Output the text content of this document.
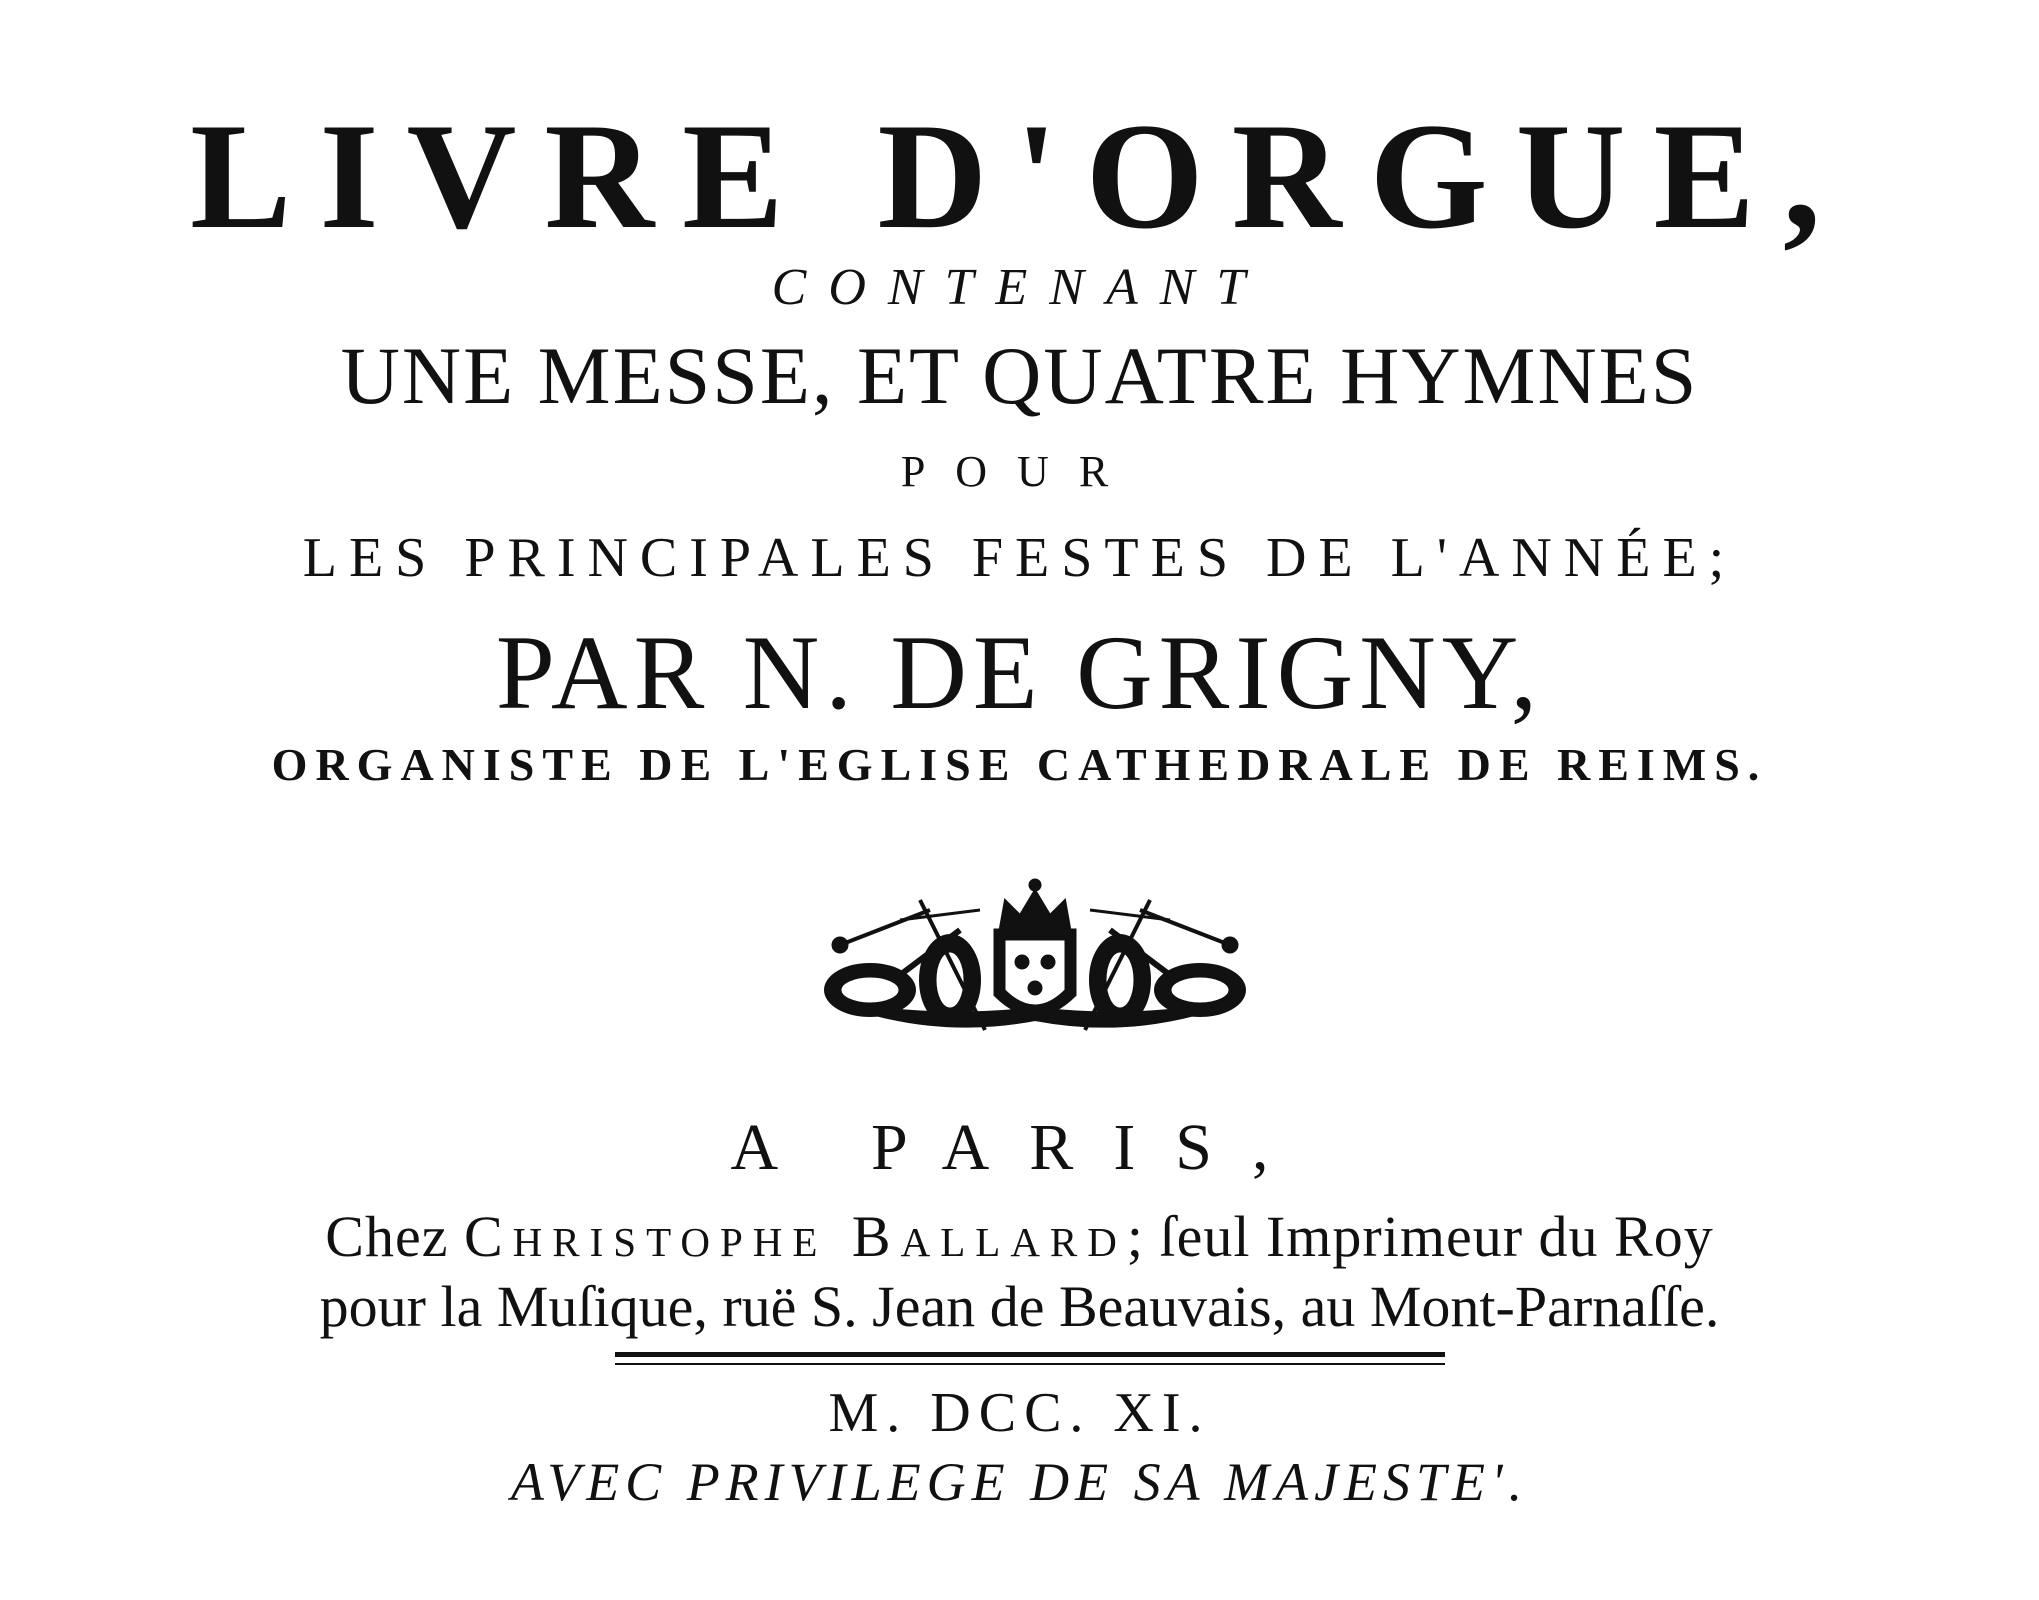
LIVRE D'ORGUE,
CONTENANT
UNE MESSE, ET QUATRE HYMNES
POUR
LES PRINCIPALES FESTES DE L'ANNÉE;
PAR N. DE GRIGNY,
ORGANISTE DE L'EGLISE CATHEDRALE DE REIMS.
A PARIS,
Chez Christophe Ballard; ſeul Imprimeur du Roy
pour la Muſique, ruë S. Jean de Beauvais, au Mont-Parnaſſe.
M. DCC. XI.
AVEC PRIVILEGE DE SA MAJESTE'.
